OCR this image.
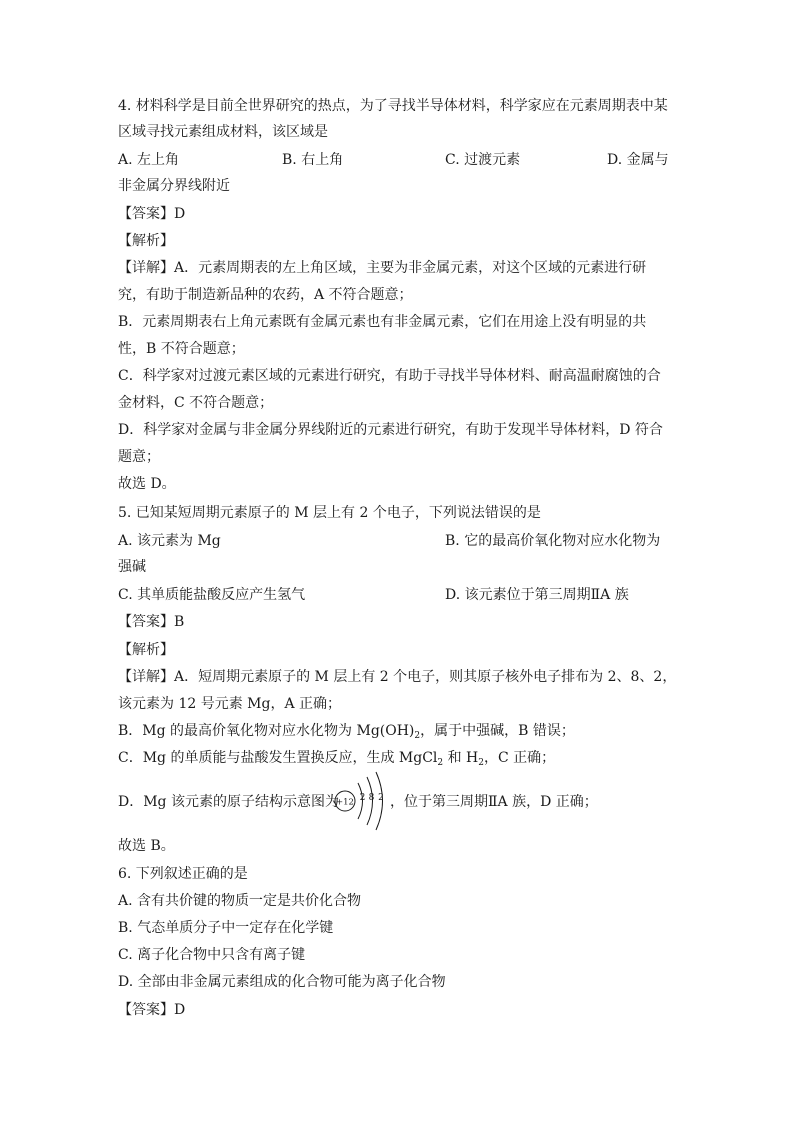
4. 材料科学是目前全世界研究的热点，为了寻找半导体材料，科学家应在元素周期表中某
区域寻找元素组成材料，该区域是
A. 左上角	B. 右上角	C. 过渡元素	D. 金属与
非金属分界线附近
【答案】D
【解析】
【详解】A．元素周期表的左上角区域，主要为非金属元素，对这个区域的元素进行研
究，有助于制造新品种的农药，A 不符合题意；
B．元素周期表右上角元素既有金属元素也有非金属元素，它们在用途上没有明显的共
性，B 不符合题意；
C．科学家对过渡元素区域的元素进行研究，有助于寻找半导体材料、耐高温耐腐蚀的合
金材料，C 不符合题意；
D．科学家对金属与非金属分界线附近的元素进行研究，有助于发现半导体材料，D 符合
题意；
故选 D。
5. 已知某短周期元素原子的 M 层上有 2 个电子，下列说法错误的是
A. 该元素为 Mg	B. 它的最高价氧化物对应水化物为
强碱
C. 其单质能盐酸反应产生氢气	D. 该元素位于第三周期ⅡA 族
【答案】B
【解析】
【详解】A．短周期元素原子的 M 层上有 2 个电子，则其原子核外电子排布为 2、8、2，
该元素为 12 号元素 Mg，A 正确；
B．Mg 的最高价氧化物对应水化物为 $Mg(OH)_2$，属于中强碱，B 错误；
C．Mg 的单质能与盐酸发生置换反应，生成 MgCl$_2$ 和 $H_2$，C 正确；
D．Mg 该元素的原子结构示意图为
+12 2 8 2 ，位于第三周期ⅡA 族，D 正确；
故选 B。
6. 下列叙述正确的是
A. 含有共价键的物质一定是共价化合物
B. 气态单质分子中一定存在化学键
C. 离子化合物中只含有离子键
D. 全部由非金属元素组成的化合物可能为离子化合物
【答案】D
